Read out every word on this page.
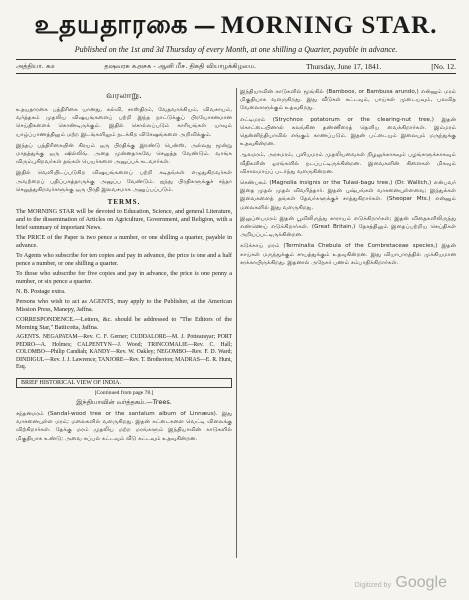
உதயதாரகை — MORNING STAR.
Published on the 1st and 3d Thursday of every Month, at one shilling a Quarter, payable in advance.
அத்தியா. ௧௰	தஷவரசு ௧௮௪௧ - ஆனி மீ௪. திகதி வியாழக்கிழமை.	Thursday, June 17, 1841.	[No. 12.
வரலாறு.

உதயதாரகை பத்திரிகை யானது, கல்வி, சாஸ்திரம், வேதவாக்கியம், விவசாயம், வர்த்தகம் முதலிய விஷயங்களைப் பற்றி இந்த நாட்டுக்குப் பிரயோசனமான செய்திகளைக் கொண்டிருக்கும். இதில் சொல்லப்படும் காரியங்கள் யாவும் யாழ்ப்பாணத்திலும் மற்ற இடங்களிலும் நடக்கிற விசேஷங்களை அறிவிக்கும்.

இந்தப் பத்திரிகையின் கிரயம் ஒரு பிரதிக்கு இரண்டு பென்ஸ், அல்லது மூன்று மாதத்துக்கு ஒரு ஷில்லிங். அதை முன்னதாகவே செலுத்த வேண்டும். வாங்க விரும்புகிறவர்கள் தங்கள் பெயர்களை அனுப்பக் கடவார்கள்.

இதில் வெளியிடப்படுகிற விஷயங்களைப் பற்றி கடிதங்கள் எழுதுகிறவர்கள் அவற்றைப் பதிப்பகத்தாருக்கு அனுப்ப வேண்டும். ஐந்து பிரதிகளுக்குச் சந்தா செலுத்துகிறவர்களுக்கு ஒரு பிரதி இலவசமாக அனுப்பப்படும்.

TERMS.

The MORNING STAR will be devoted to Education, Science, and general Literature, and to the dissemination of Articles on Agriculture, Government, and Religion, with a brief summary of important News.

The PRICE of the Paper is two pence a number, or one shilling a quarter, payable in advance.

To Agents who subscribe for ten copies and pay in advance, the price is one and a half pence a number, or one shilling a quarter.

To those who subscribe for five copies and pay in advance, the price is one penny a number, or six pence a quarter.

N. B. Postage extra.

Persons who wish to act as AGENTS, may apply to the Publisher, at the American Mission Press, Manepy, Jaffna.

CORRESPONDENCE.—Letters, &c. should be addressed to "The Editors of the Morning Star," Batticotta, Jaffna.

AGENTS. NEGAPATAM—Rev. C. F. Gerner; CUDDALORE—M. J. Pottearayar; PORT PEDRO—A. Holmes; CALPENTYN—J. Wood; TRINCOMALIE—Rev. C. Hall; COLOMBO—Philip Candiah; KANDY—Rev. W. Oakley; NEGOMBO—Rev. F. D. Ward; DINDIGUL—Rev. J. J. Lawrence; TANJORE—Rev. T. Brotherton; MADRAS—E. R. Hunt, Esq.
BRIEF HISTORICAL VIEW OF INDIA.
[Continued from page 78.]
இந்தியாவின் வர்த்தகம்.—Trees.

சந்தனமரம் (Sandal-wood tree or the santalum album of Linnæus). இது வாசனையுள்ள மரம்; மலைகளில் வளருகிறது. இதன் கட்டைகளை வெட்டி விலைக்கு விற்கிறார்கள். தேக்கு மரம் முதலிய மற்ற மரங்களும் இந்தியாவின் காடுகளில் மிகுதியாக உண்டு; அவை கப்பல் கட்டவும் வீடு கட்டவும் உதவுகின்றன.

இந்தியாவின் காடுகளில் மூங்கில் (Bamboos, or Bambusa arundo,) என்னும் மரம் மிகுதியாக வளருகிறது. இது வீடுகள் கட்டவும், பாய்கள் முடையவும், பலவித வேலைகளுக்கும் உதவுகிறது.

எட்டிமரம் (Strychnos potatorum or the clearing-nut tree,) இதன் கொட்டையினால் கலங்கின தண்ணீரைத் தெளிய வைக்கிறார்கள். இம்மரம் தென்னிந்தியாவில் எங்கும் காணப்படும். இதன் பட்டையும் இலையும் மருந்துக்கு உதவுகின்றன.

ஆலமரம், அரசமரம், புளியமரம் முதலியவைகள் நிழலுக்காகவும் பழங்களுக்காகவும் வீதிகளின் ஓரங்களில் நடப்பட்டிருக்கின்றன. இவைகளின் கிளைகள் மிகவும் விசாலமாய்ப் படர்ந்து வளருகின்றன.

செண்பகம் (Magnolia insignis or the Tulasi-bagu tree,) (Dr. Wallich,) என்பவர் இதை முதல் முதல் விவரித்தார். இதன் புஷ்பங்கள் வாசனையுள்ளவை; இந்துக்கள் இவைகளைத் தங்கள் தேவர்களுக்குச் சாத்துகிறார்கள். (Sheopar Mts.) என்னும் மலைகளில் இது வளருகிறது.

இலுப்பைமரம் இதன் பூவிலிருந்து சாராயம் எடுக்கிறார்கள்; இதன் விதைகளிலிருந்து எண்ணெய் எடுக்கிறார்கள். (Great Britain,) தேசத்திலும் இதைப்பற்றிய செய்திகள் அறியப்பட்டிருக்கின்றன.

கடுக்காய் மரம் (Terminalia Chebula of the Combretaceae species,) இதன் காய்கள் மருந்துக்கும் சாயத்துக்கும் உதவுகின்றன. இது வியாபாரத்தில் முக்கியமான சரக்காயிருக்கிறது. இதனால் அநேகர் பணம் சம்பாதிக்கிறார்கள்.

Digitized by Google
